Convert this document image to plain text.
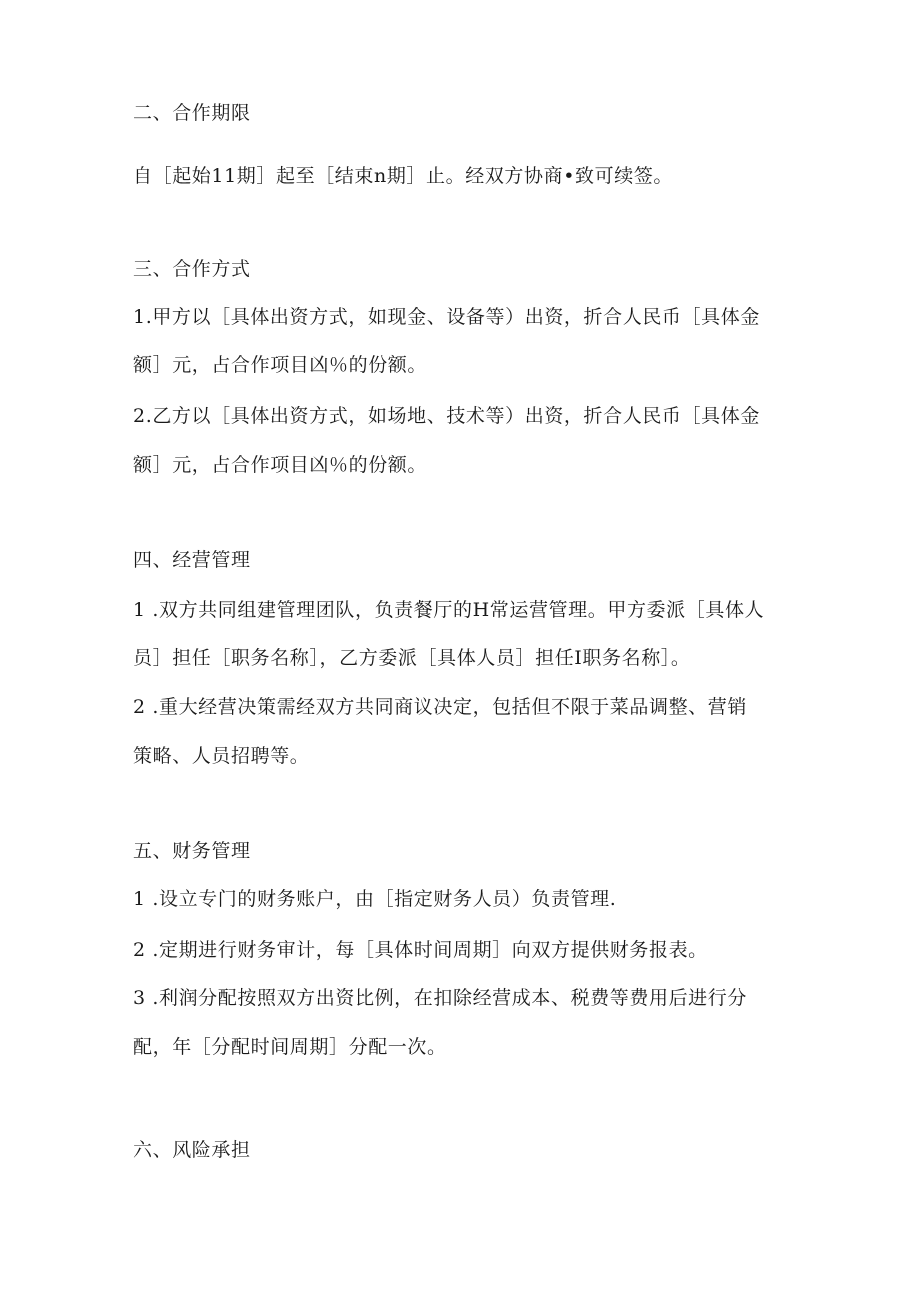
二、合作期限
自［起始11期］起至［结束n期］止。经双方协商•致可续签。
三、合作方式
1.甲方以［具体出资方式，如现金、设备等）出资，折合人民币［具体金
额］元，占合作项目凶％的份额。
2.乙方以［具体出资方式，如场地、技术等）出资，折合人民币［具体金
额］元，占合作项目凶％的份额。
四、经营管理
1 .双方共同组建管理团队，负责餐厅的H常运营管理。甲方委派［具体人
员］担任［职务名称］，乙方委派［具体人员］担任I职务名称］。
2 .重大经营决策需经双方共同商议决定，包括但不限于菜品调整、营销
策略、人员招聘等。
五、财务管理
1 .设立专门的财务账户，由［指定财务人员）负责管理.
2 .定期进行财务审计，每［具体时间周期］向双方提供财务报表。
3 .利润分配按照双方出资比例，在扣除经营成本、税费等费用后进行分
配，年［分配时间周期］分配一次。
六、风险承担
